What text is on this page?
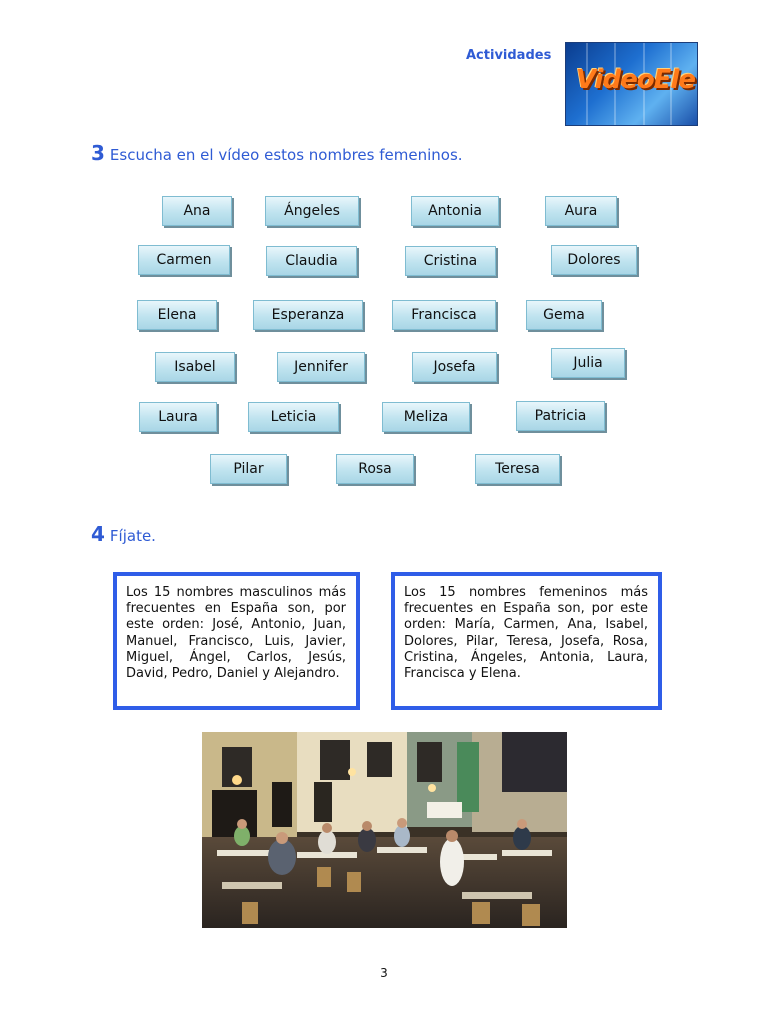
Actividades
VideoEle
3 Escucha en el vídeo estos nombres femeninos.
Ana	Ángeles	Antonia	Aura
Carmen	Claudia	Cristina	Dolores
Elena	Esperanza	Francisca	Gema
Isabel	Jennifer	Josefa	Julia
Laura	Leticia	Meliza	Patricia
Pilar	Rosa	Teresa
4 Fíjate.
Los 15 nombres masculinos más frecuentes en España son, por este orden: José, Antonio, Juan, Manuel, Francisco, Luis, Javier, Miguel, Ángel, Carlos, Jesús, David, Pedro, Daniel y Alejandro.
Los 15 nombres femeninos más frecuentes en España son, por este orden: María, Carmen, Ana, Isabel, Dolores, Pilar, Teresa, Josefa, Rosa, Cristina, Ángeles, Antonia, Laura, Francisca y Elena.
3
